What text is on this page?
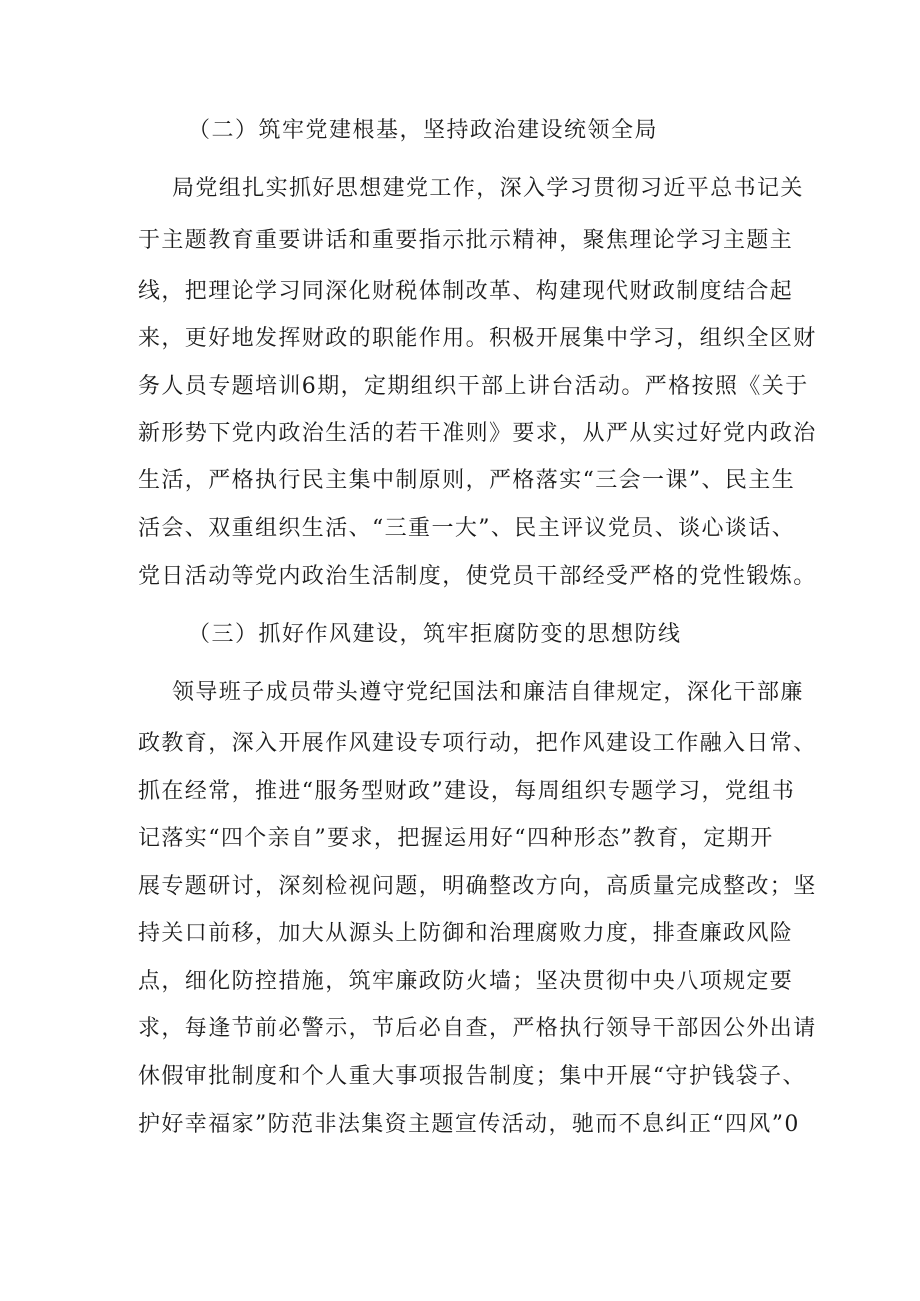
（二）筑牢党建根基，坚持政治建设统领全局
局党组扎实抓好思想建党工作，深入学习贯彻习近平总书记关
于主题教育重要讲话和重要指示批示精神，聚焦理论学习主题主
线，把理论学习同深化财税体制改革、构建现代财政制度结合起
来，更好地发挥财政的职能作用。积极开展集中学习，组织全区财
务人员专题培训6期，定期组织干部上讲台活动。严格按照《关于
新形势下党内政治生活的若干准则》要求，从严从实过好党内政治
生活，严格执行民主集中制原则，严格落实“三会一课”、民主生
活会、双重组织生活、“三重一大”、民主评议党员、谈心谈话、
党日活动等党内政治生活制度，使党员干部经受严格的党性锻炼。
（三）抓好作风建设，筑牢拒腐防变的思想防线
领导班子成员带头遵守党纪国法和廉洁自律规定，深化干部廉
政教育，深入开展作风建设专项行动，把作风建设工作融入日常、
抓在经常，推进“服务型财政”建设，每周组织专题学习，党组书
记落实“四个亲自”要求，把握运用好“四种形态”教育，定期开
展专题研讨，深刻检视问题，明确整改方向，高质量完成整改；坚
持关口前移，加大从源头上防御和治理腐败力度，排查廉政风险
点，细化防控措施，筑牢廉政防火墙；坚决贯彻中央八项规定要
求，每逢节前必警示，节后必自查，严格执行领导干部因公外出请
休假审批制度和个人重大事项报告制度；集中开展“守护钱袋子、
护好幸福家”防范非法集资主题宣传活动，驰而不息纠正“四风”0
